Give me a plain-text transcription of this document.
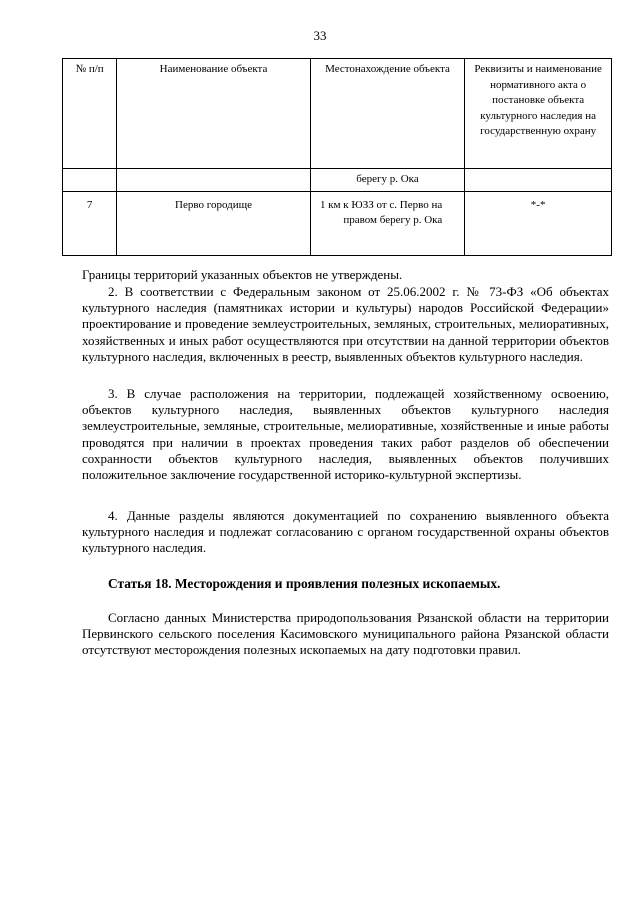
33
№ п/п	Наименование объекта	Местонахождение объекта	Реквизиты и наименование нормативного акта о постановке объекта культурного наследия на государственную охрану
		берегу р. Ока	
7	Перво городище	1 км к ЮЗЗ от с. Перво на правом берегу р. Ока	*-*

Границы территорий указанных объектов не утверждены.

2. В соответствии с Федеральным законом от 25.06.2002 г. № 73-ФЗ «Об объектах культурного наследия (памятниках истории и культуры) народов Российской Федерации» проектирование и проведение землеустроительных, земляных, строительных, мелиоративных, хозяйственных и иных работ осуществляются при отсутствии на данной территории объектов культурного наследия, включенных в реестр, выявленных объектов культурного наследия.

3. В случае расположения на территории, подлежащей хозяйственному освоению, объектов культурного наследия, выявленных объектов культурного наследия землеустроительные, земляные, строительные, мелиоративные, хозяйственные и иные работы проводятся при наличии в проектах проведения таких работ разделов об обеспечении сохранности объектов культурного наследия, выявленных объектов получивших положительное заключение государственной историко-культурной экспертизы.

4. Данные разделы являются документацией по сохранению выявленного объекта культурного наследия и подлежат согласованию с органом государственной охраны объектов культурного наследия.

Статья 18. Месторождения и проявления полезных ископаемых.

Согласно данных Министерства природопользования Рязанской области на территории Первинского сельского поселения Касимовского муниципального района Рязанской области отсутствуют месторождения полезных ископаемых на дату подготовки правил.
